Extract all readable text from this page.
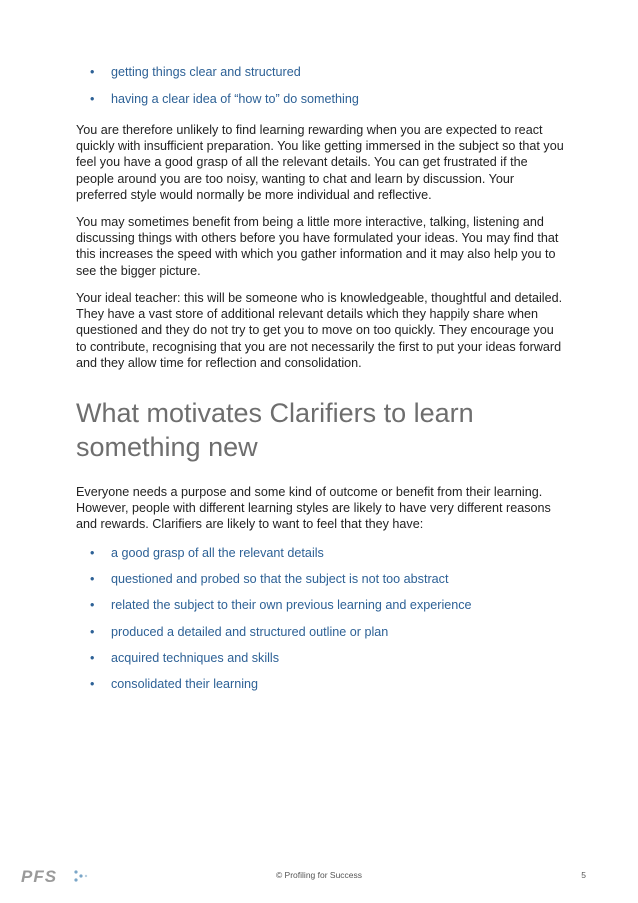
• getting things clear and structured
• having a clear idea of “how to” do something

You are therefore unlikely to find learning rewarding when you are expected to react quickly with insufficient preparation. You like getting immersed in the subject so that you feel you have a good grasp of all the relevant details. You can get frustrated if the people around you are too noisy, wanting to chat and learn by discussion. Your preferred style would normally be more individual and reflective.

You may sometimes benefit from being a little more interactive, talking, listening and discussing things with others before you have formulated your ideas. You may find that this increases the speed with which you gather information and it may also help you to see the bigger picture.

Your ideal teacher: this will be someone who is knowledgeable, thoughtful and detailed. They have a vast store of additional relevant details which they happily share when questioned and they do not try to get you to move on too quickly. They encourage you to contribute, recognising that you are not necessarily the first to put your ideas forward and they allow time for reflection and consolidation.

What motivates Clarifiers to learn something new

Everyone needs a purpose and some kind of outcome or benefit from their learning. However, people with different learning styles are likely to have very different reasons and rewards. Clarifiers are likely to want to feel that they have:

• a good grasp of all the relevant details
• questioned and probed so that the subject is not too abstract
• related the subject to their own previous learning and experience
• produced a detailed and structured outline or plan
• acquired techniques and skills
• consolidated their learning
PFS	© Profiling for Success	5
